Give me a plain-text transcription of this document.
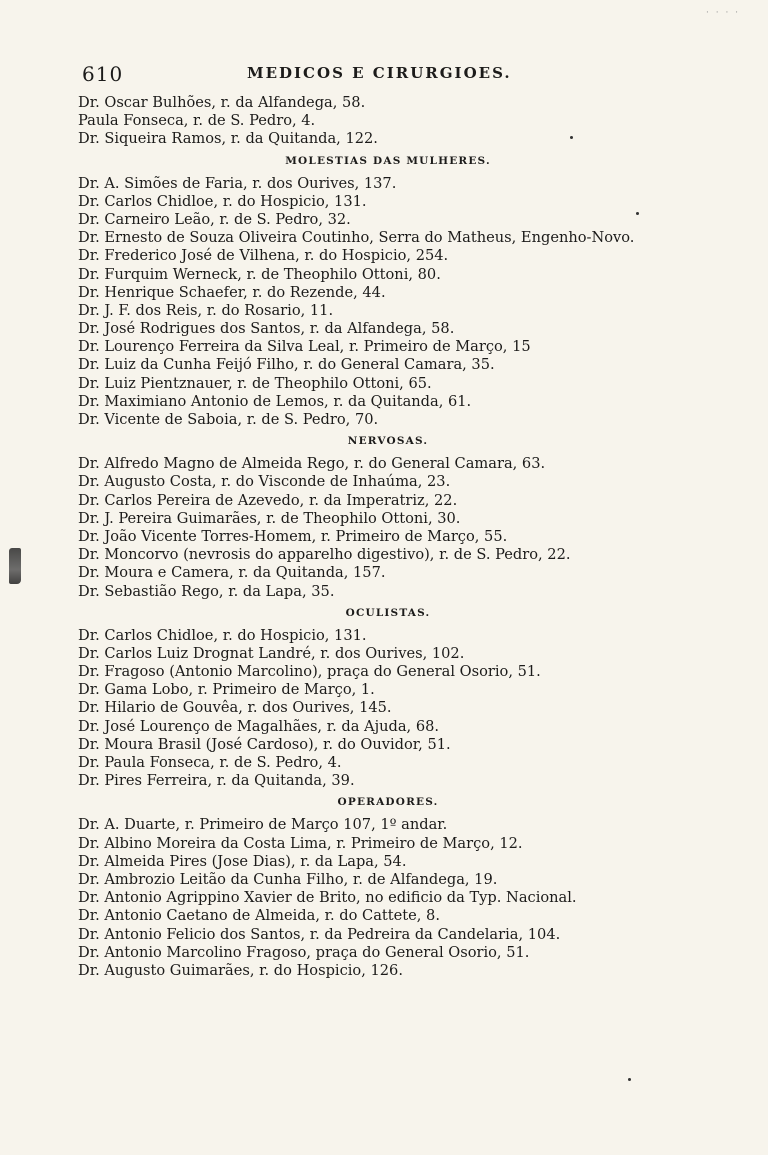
· · · ·
610	MEDICOS E CIRURGIOES.
Dr. Oscar Bulhões, r. da Alfandega, 58.
Paula Fonseca, r. de S. Pedro, 4.
Dr. Siqueira Ramos, r. da Quitanda, 122.
MOLESTIAS DAS MULHERES.
Dr. A. Simões de Faria, r. dos Ourives, 137.
Dr. Carlos Chidloe, r. do Hospicio, 131.
Dr. Carneiro Leão, r. de S. Pedro, 32.
Dr. Ernesto de Souza Oliveira Coutinho, Serra do Matheus, Engenho-Novo.
Dr. Frederico José de Vilhena, r. do Hospicio, 254.
Dr. Furquim Werneck, r. de Theophilo Ottoni, 80.
Dr. Henrique Schaefer, r. do Rezende, 44.
Dr. J. F. dos Reis, r. do Rosario, 11.
Dr. José Rodrigues dos Santos, r. da Alfandega, 58.
Dr. Lourenço Ferreira da Silva Leal, r. Primeiro de Março, 15
Dr. Luiz da Cunha Feijó Filho, r. do General Camara, 35.
Dr. Luiz Pientznauer, r. de Theophilo Ottoni, 65.
Dr. Maximiano Antonio de Lemos, r. da Quitanda, 61.
Dr. Vicente de Saboia, r. de S. Pedro, 70.
NERVOSAS.
Dr. Alfredo Magno de Almeida Rego, r. do General Camara, 63.
Dr. Augusto Costa, r. do Visconde de Inhaúma, 23.
Dr. Carlos Pereira de Azevedo, r. da Imperatriz, 22.
Dr. J. Pereira Guimarães, r. de Theophilo Ottoni, 30.
Dr. João Vicente Torres-Homem, r. Primeiro de Março, 55.
Dr. Moncorvo (nevrosis do apparelho digestivo), r. de S. Pedro, 22.
Dr. Moura e Camera, r. da Quitanda, 157.
Dr. Sebastião Rego, r. da Lapa, 35.
OCULISTAS.
Dr. Carlos Chidloe, r. do Hospicio, 131.
Dr. Carlos Luiz Drognat Landré, r. dos Ourives, 102.
Dr. Fragoso (Antonio Marcolino), praça do General Osorio, 51.
Dr. Gama Lobo, r. Primeiro de Março, 1.
Dr. Hilario de Gouvêa, r. dos Ourives, 145.
Dr. José Lourenço de Magalhães, r. da Ajuda, 68.
Dr. Moura Brasil (José Cardoso), r. do Ouvidor, 51.
Dr. Paula Fonseca, r. de S. Pedro, 4.
Dr. Pires Ferreira, r. da Quitanda, 39.
OPERADORES.
Dr. A. Duarte, r. Primeiro de Março 107, 1º andar.
Dr. Albino Moreira da Costa Lima, r. Primeiro de Março, 12.
Dr. Almeida Pires (Jose Dias), r. da Lapa, 54.
Dr. Ambrozio Leitão da Cunha Filho, r. de Alfandega, 19.
Dr. Antonio Agrippino Xavier de Brito, no edificio da Typ. Nacional.
Dr. Antonio Caetano de Almeida, r. do Cattete, 8.
Dr. Antonio Felicio dos Santos, r. da Pedreira da Candelaria, 104.
Dr. Antonio Marcolino Fragoso, praça do General Osorio, 51.
Dr. Augusto Guimarães, r. do Hospicio, 126.
